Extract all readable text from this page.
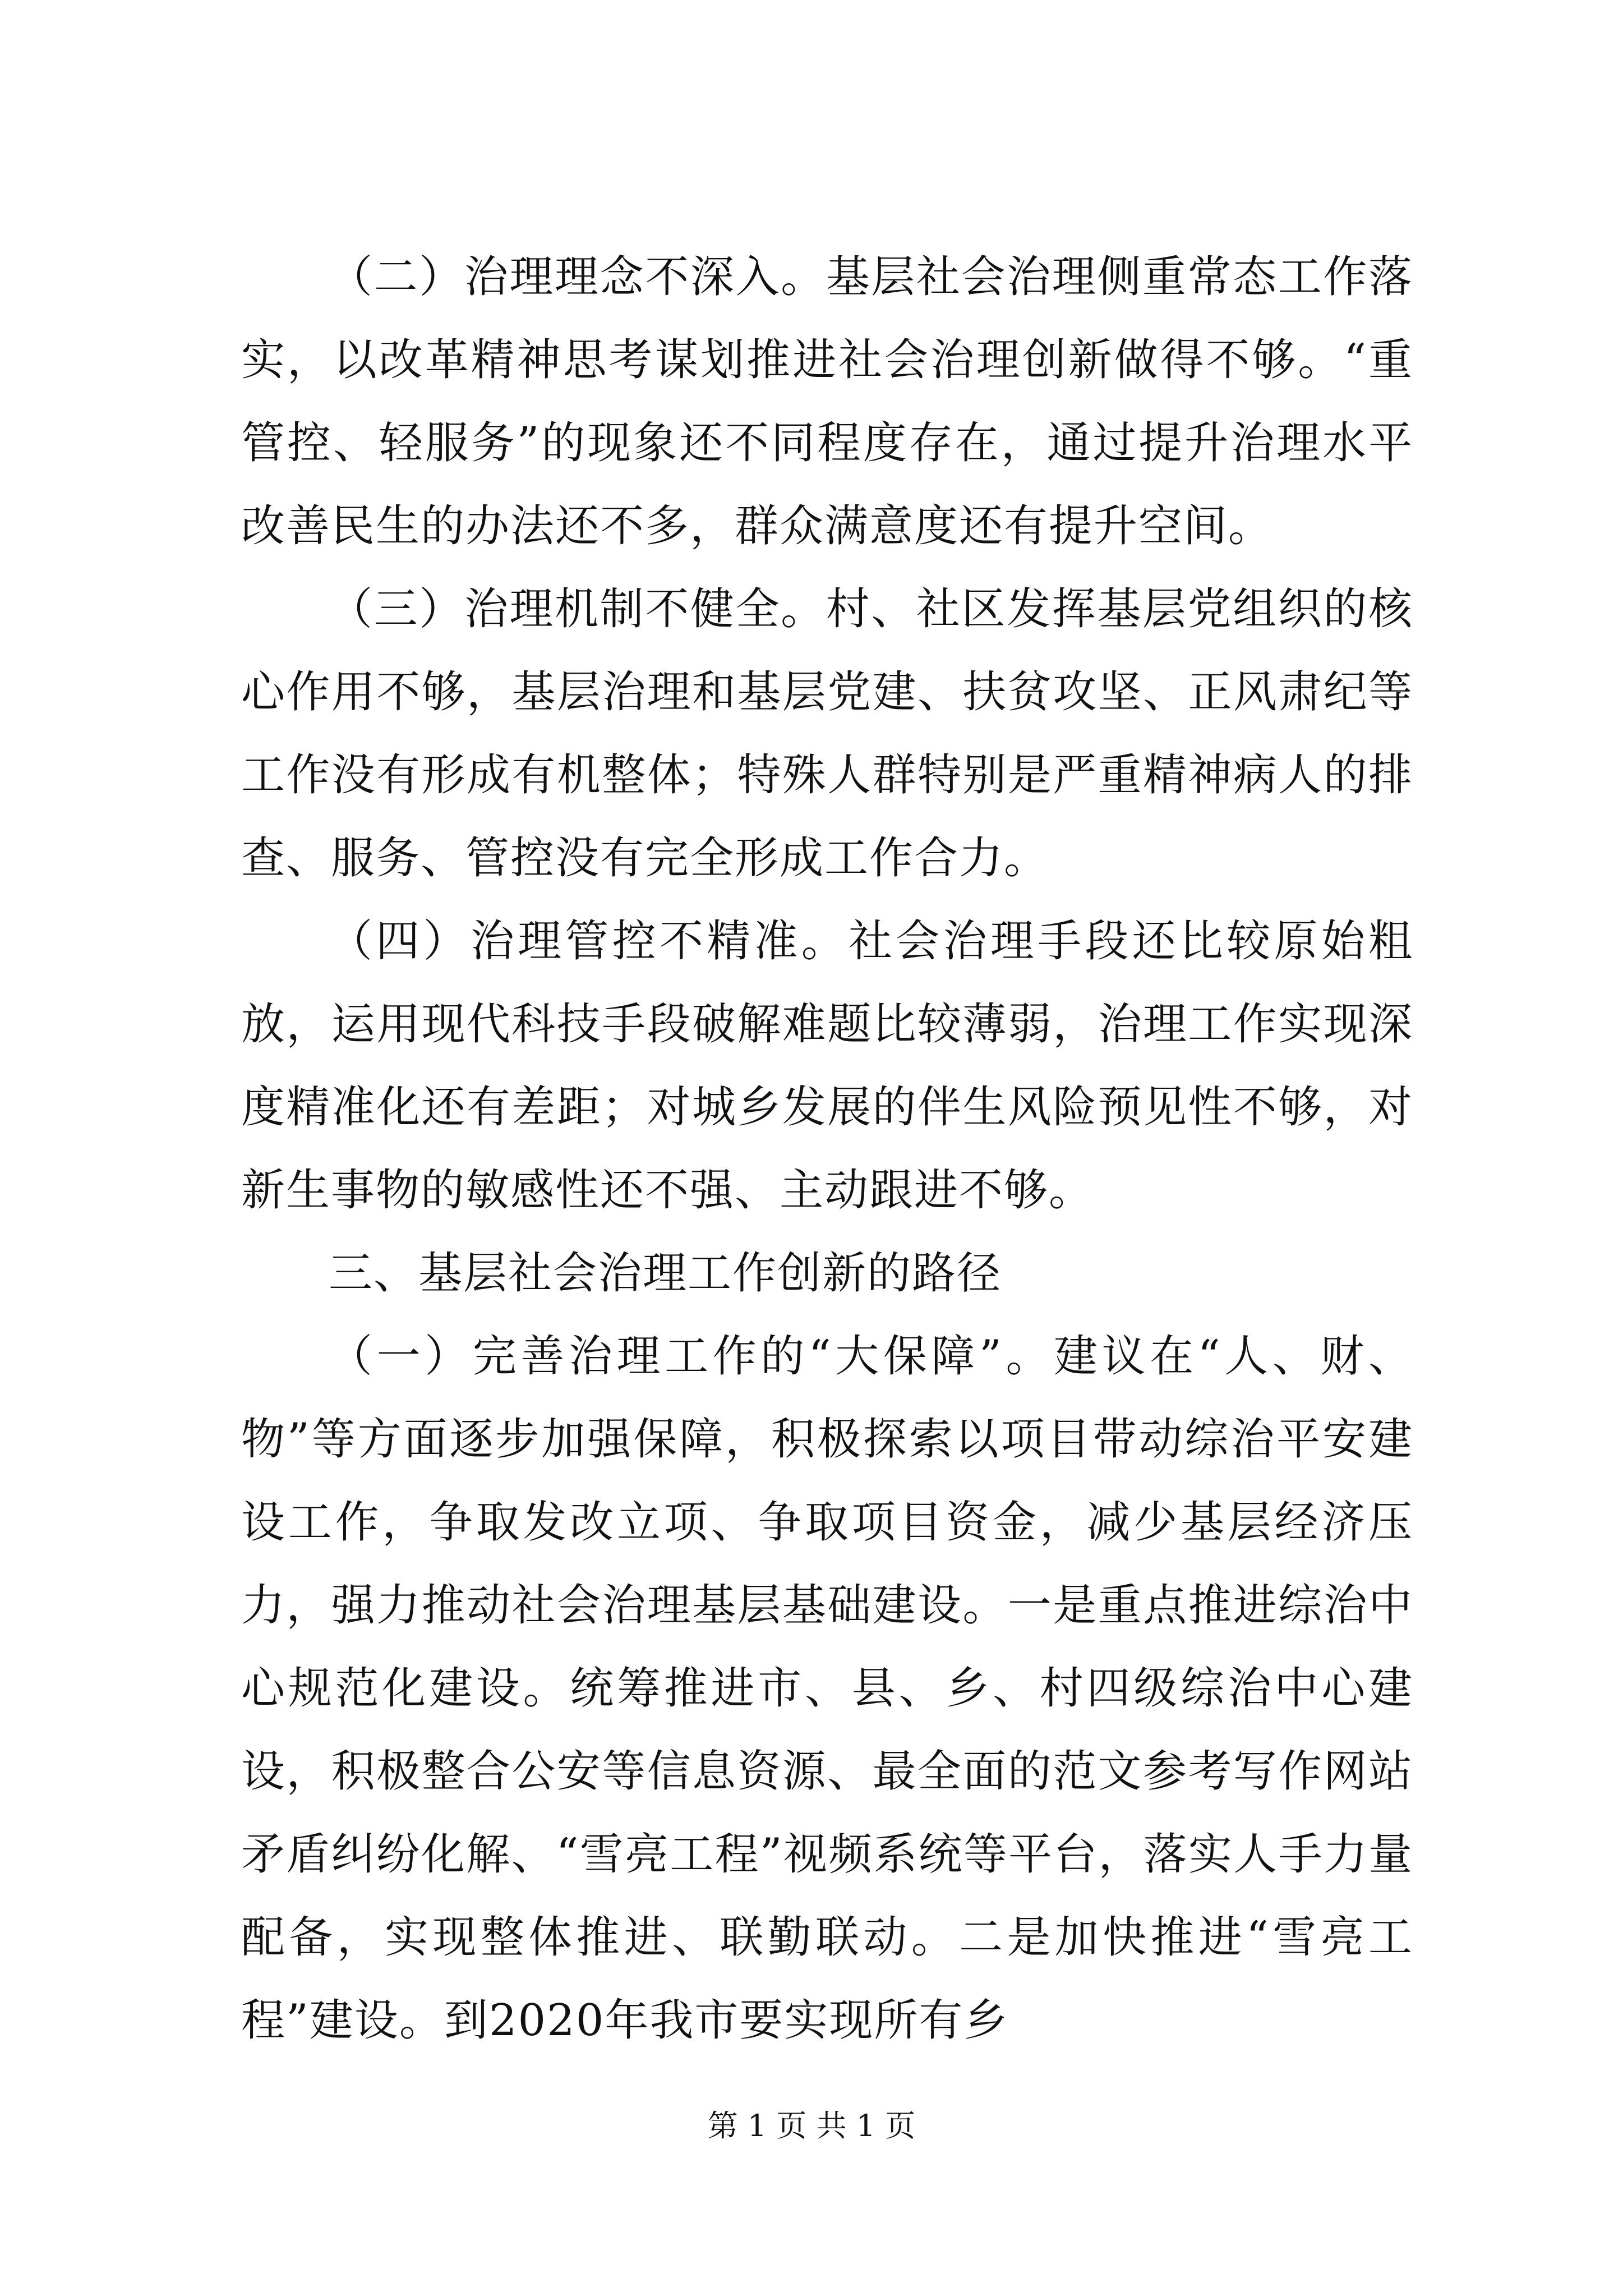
（二）治理理念不深入。基层社会治理侧重常态工作落实，以改革精神思考谋划推进社会治理创新做得不够。“重管控、轻服务”的现象还不同程度存在，通过提升治理水平改善民生的办法还不多，群众满意度还有提升空间。

（三）治理机制不健全。村、社区发挥基层党组织的核心作用不够，基层治理和基层党建、扶贫攻坚、正风肃纪等工作没有形成有机整体；特殊人群特别是严重精神病人的排查、服务、管控没有完全形成工作合力。

（四）治理管控不精准。社会治理手段还比较原始粗放，运用现代科技手段破解难题比较薄弱，治理工作实现深度精准化还有差距；对城乡发展的伴生风险预见性不够，对新生事物的敏感性还不强、主动跟进不够。

三、基层社会治理工作创新的路径

（一）完善治理工作的“大保障”。建议在“人、财、物”等方面逐步加强保障，积极探索以项目带动综治平安建设工作，争取发改立项、争取项目资金，减少基层经济压力，强力推动社会治理基层基础建设。一是重点推进综治中心规范化建设。统筹推进市、县、乡、村四级综治中心建设，积极整合公安等信息资源、最全面的范文参考写作网站矛盾纠纷化解、“雪亮工程”视频系统等平台，落实人手力量配备，实现整体推进、联勤联动。二是加快推进“雪亮工程”建设。到2020年我市要实现所有乡

第 1 页 共 1 页
